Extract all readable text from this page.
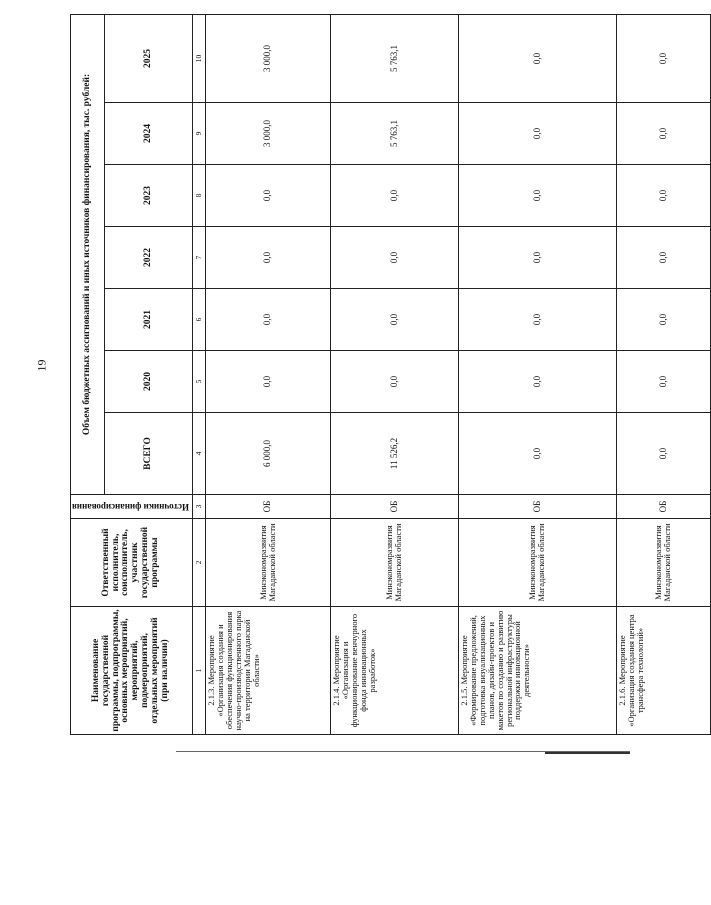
19
Наименование государственной программы, подпрограммы, основных мероприятий, мероприятий, подмероприятий, отдельных мероприятий (при наличии)	Ответственный исполнитель, соисполнитель, участник государственной программы	Источники финансирования	Объем бюджетных ассигнований и иных источников финансирования, тыс. рублей:						
			ВСЕГО	2020	2021	2022	2023	2024	2025
1	2	3	4	5	6	7	8	9	10
2.1.3. Мероприятие «Организация создания и обеспечения функционирования научно-производственного парка на территории Магаданской области»	Минэкономразвития Магаданской области	ОБ	6 000,0	0,0	0,0	0,0	0,0	3 000,0	3 000,0
2.1.4. Мероприятие «Организация и функционирование венчурного фонда инновационных разработок»	Минэкономразвития Магаданской области	ОБ	11 526,2	0,0	0,0	0,0	0,0	5 763,1	5 763,1
2.1.5. Мероприятие «Формирование предложений, подготовка визуализационных планов, дизайн-проектов и макетов по созданию и развитию региональной инфраструктуры поддержки инновационной деятельности»	Минэкономразвития Магаданской области	ОБ	0,0	0,0	0,0	0,0	0,0	0,0	0,0
2.1.6. Мероприятие «Организация создания центра трансфера технологий»	Минэкономразвития Магаданской области	ОБ	0,0	0,0	0,0	0,0	0,0	0,0	0,0
